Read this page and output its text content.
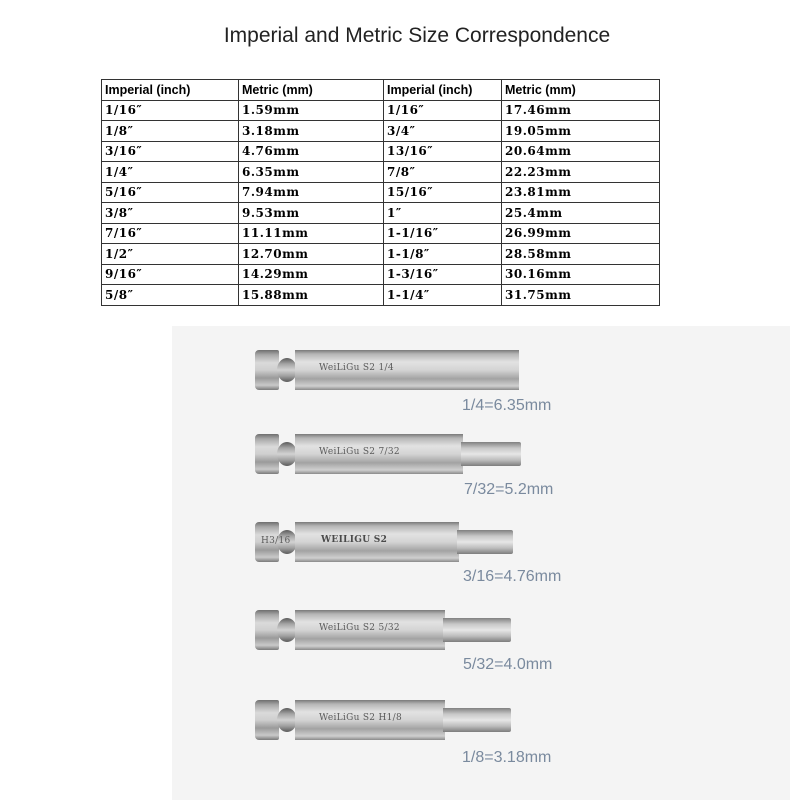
Imperial and Metric Size Correspondence
Imperial (inch)	Metric (mm)	Imperial (inch)	Metric (mm)
1/16″	1.59mm	1/16″	17.46mm
1/8″	3.18mm	3/4″	19.05mm
3/16″	4.76mm	13/16″	20.64mm
1/4″	6.35mm	7/8″	22.23mm
5/16″	7.94mm	15/16″	23.81mm
3/8″	9.53mm	1″	25.4mm
7/16″	11.11mm	1-1/16″	26.99mm
1/2″	12.70mm	1-1/8″	28.58mm
9/16″	14.29mm	1-3/16″	30.16mm
5/8″	15.88mm	1-1/4″	31.75mm
WeiLiGu S2 1/4
1/4=6.35mm
WeiLiGu S2 7/32
7/32=5.2mm
H3/16	WEILIGU S2
3/16=4.76mm
WeiLiGu S2 5/32
5/32=4.0mm
WeiLiGu S2 H1/8
1/8=3.18mm
